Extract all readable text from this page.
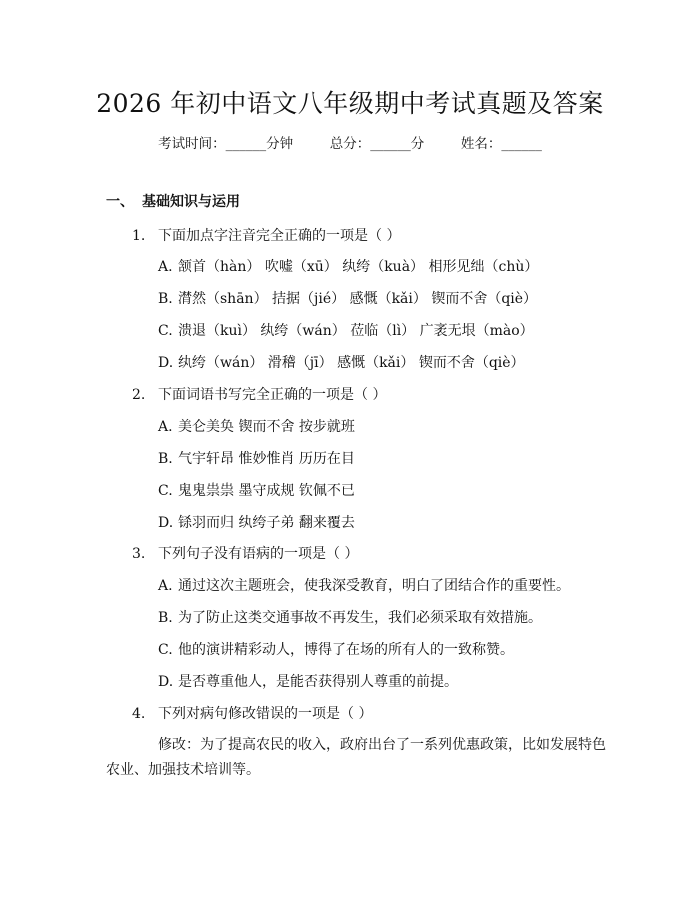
2026 年初中语文八年级期中考试真题及答案
考试时间：______分钟	总分：______分	姓名：______
一、 基础知识与运用
1. 下面加点字注音完全正确的一项是（ ）
A. 颔首（hàn） 吹嘘（xū） 纨绔（kuà） 相形见绌（chù）
B. 潸然（shān） 拮据（jié） 感慨（kǎi） 锲而不舍（qiè）
C. 溃退（kuì） 纨绔（wán） 莅临（lì） 广袤无垠（mào）
D. 纨绔（wán） 滑稽（jī） 感慨（kǎi） 锲而不舍（qiè）
2. 下面词语书写完全正确的一项是（ ）
A. 美仑美奂 锲而不舍 按步就班
B. 气宇轩昂 惟妙惟肖 历历在目
C. 鬼鬼祟祟 墨守成规 钦佩不已
D. 铩羽而归 纨绔子弟 翻来覆去
3. 下列句子没有语病的一项是（ ）
A. 通过这次主题班会，使我深受教育，明白了团结合作的重要性。
B. 为了防止这类交通事故不再发生，我们必须采取有效措施。
C. 他的演讲精彩动人，博得了在场的所有人的一致称赞。
D. 是否尊重他人，是能否获得别人尊重的前提。
4. 下列对病句修改错误的一项是（ ）
修改：为了提高农民的收入，政府出台了一系列优惠政策，比如发展特色农业、加强技术培训等。
